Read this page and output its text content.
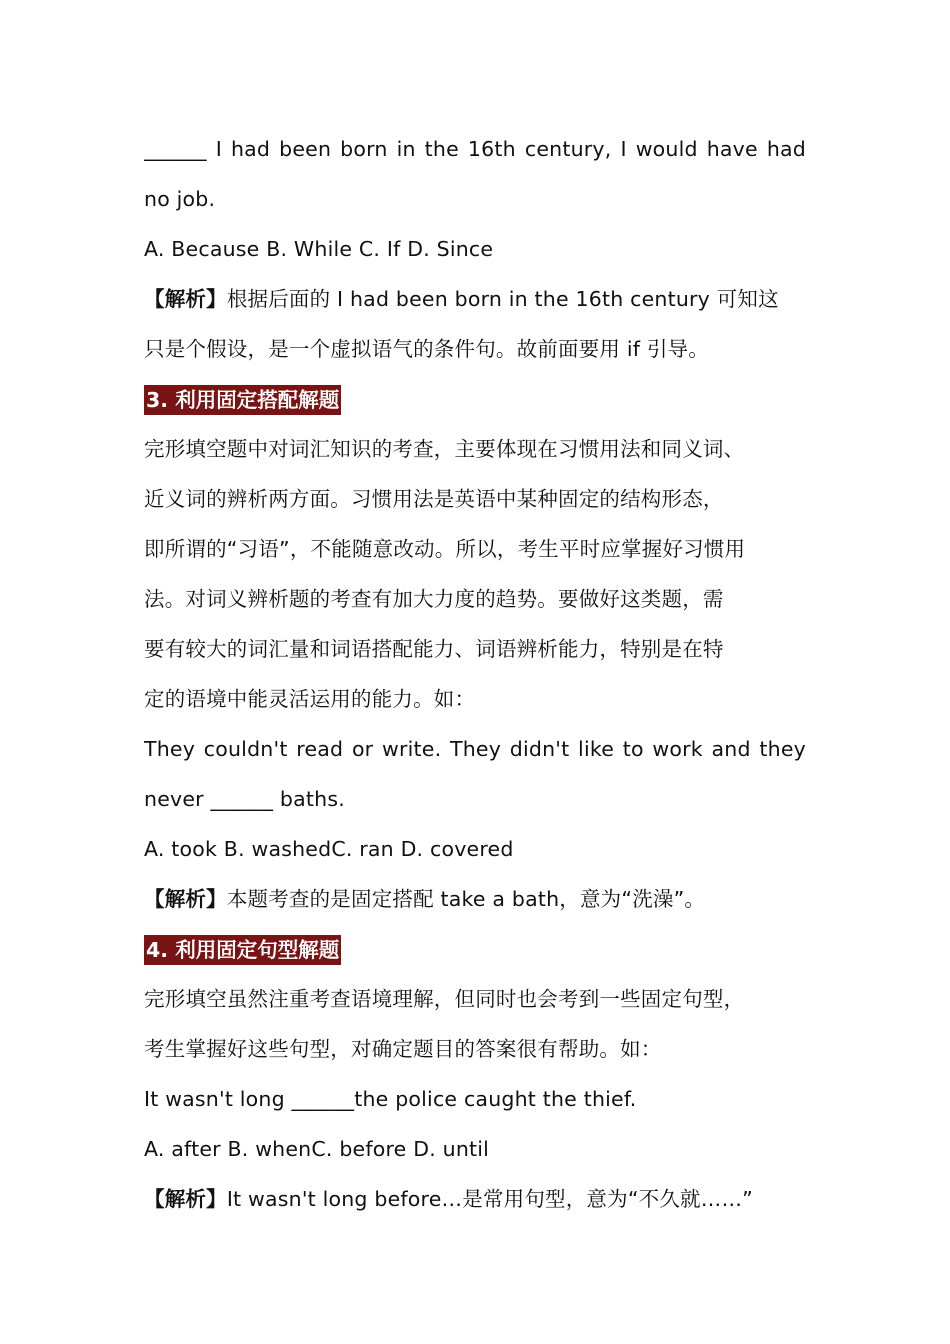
______ I had been born in the 16th century, I would have had
no job.
A. Because B. While C. If D. Since
【解析】根据后面的 I had been born in the 16th century 可知这
只是个假设，是一个虚拟语气的条件句。故前面要用 if 引导。
3. 利用固定搭配解题
完形填空题中对词汇知识的考查，主要体现在习惯用法和同义词、
近义词的辨析两方面。习惯用法是英语中某种固定的结构形态，
即所谓的“习语”，不能随意改动。所以，考生平时应掌握好习惯用
法。对词义辨析题的考查有加大力度的趋势。要做好这类题，需
要有较大的词汇量和词语搭配能力、词语辨析能力，特别是在特
定的语境中能灵活运用的能力。如：
They couldn't read or write. They didn't like to work and they
never ______ baths.
A. took B. washedC. ran D. covered
【解析】本题考查的是固定搭配 take a bath，意为“洗澡”。
4. 利用固定句型解题
完形填空虽然注重考查语境理解，但同时也会考到一些固定句型，
考生掌握好这些句型，对确定题目的答案很有帮助。如：
It wasn't long ______the police caught the thief.
A. after B. whenC. before D. until
【解析】It wasn't long before…是常用句型，意为“不久就……”
